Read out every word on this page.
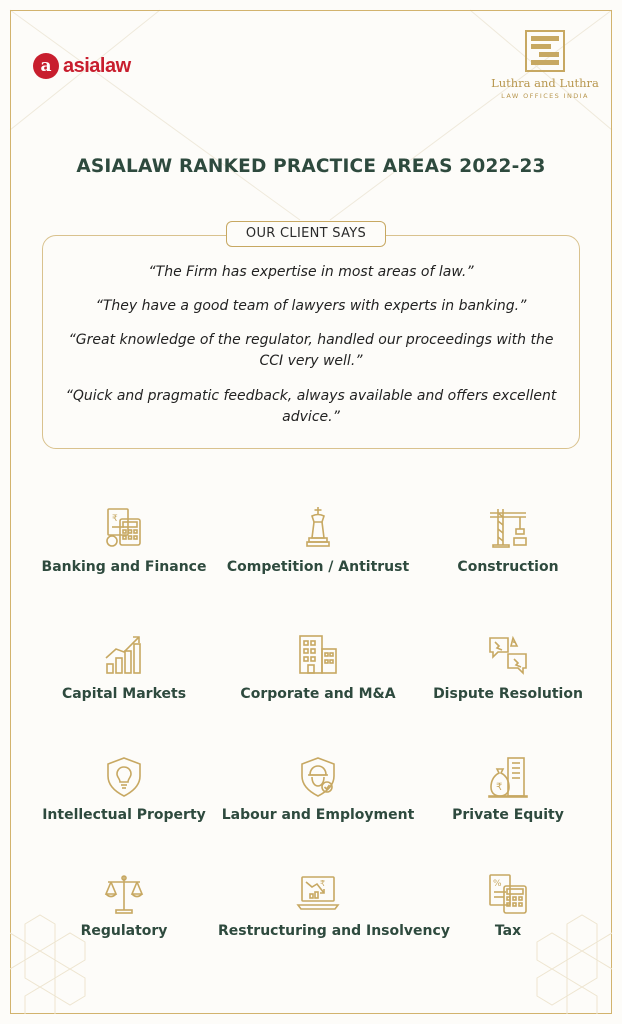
a asialaw
Luthra and Luthra
LAW OFFICES INDIA
ASIALAW RANKED PRACTICE AREAS 2022-23
OUR CLIENT SAYS
“The Firm has expertise in most areas of law.”
“They have a good team of lawyers with experts in banking.”
“Great knowledge of the regulator, handled our proceedings with the CCI very well.”
“Quick and pragmatic feedback, always available and offers excellent advice.”
₹
Banking and Finance	Competition / Antitrust	Construction
Capital Markets	Corporate and M&A	Dispute Resolution
Intellectual Property	Labour and Employment
₹
Private Equity
Regulatory
₹
Restructuring and Insolvency
%
Tax
